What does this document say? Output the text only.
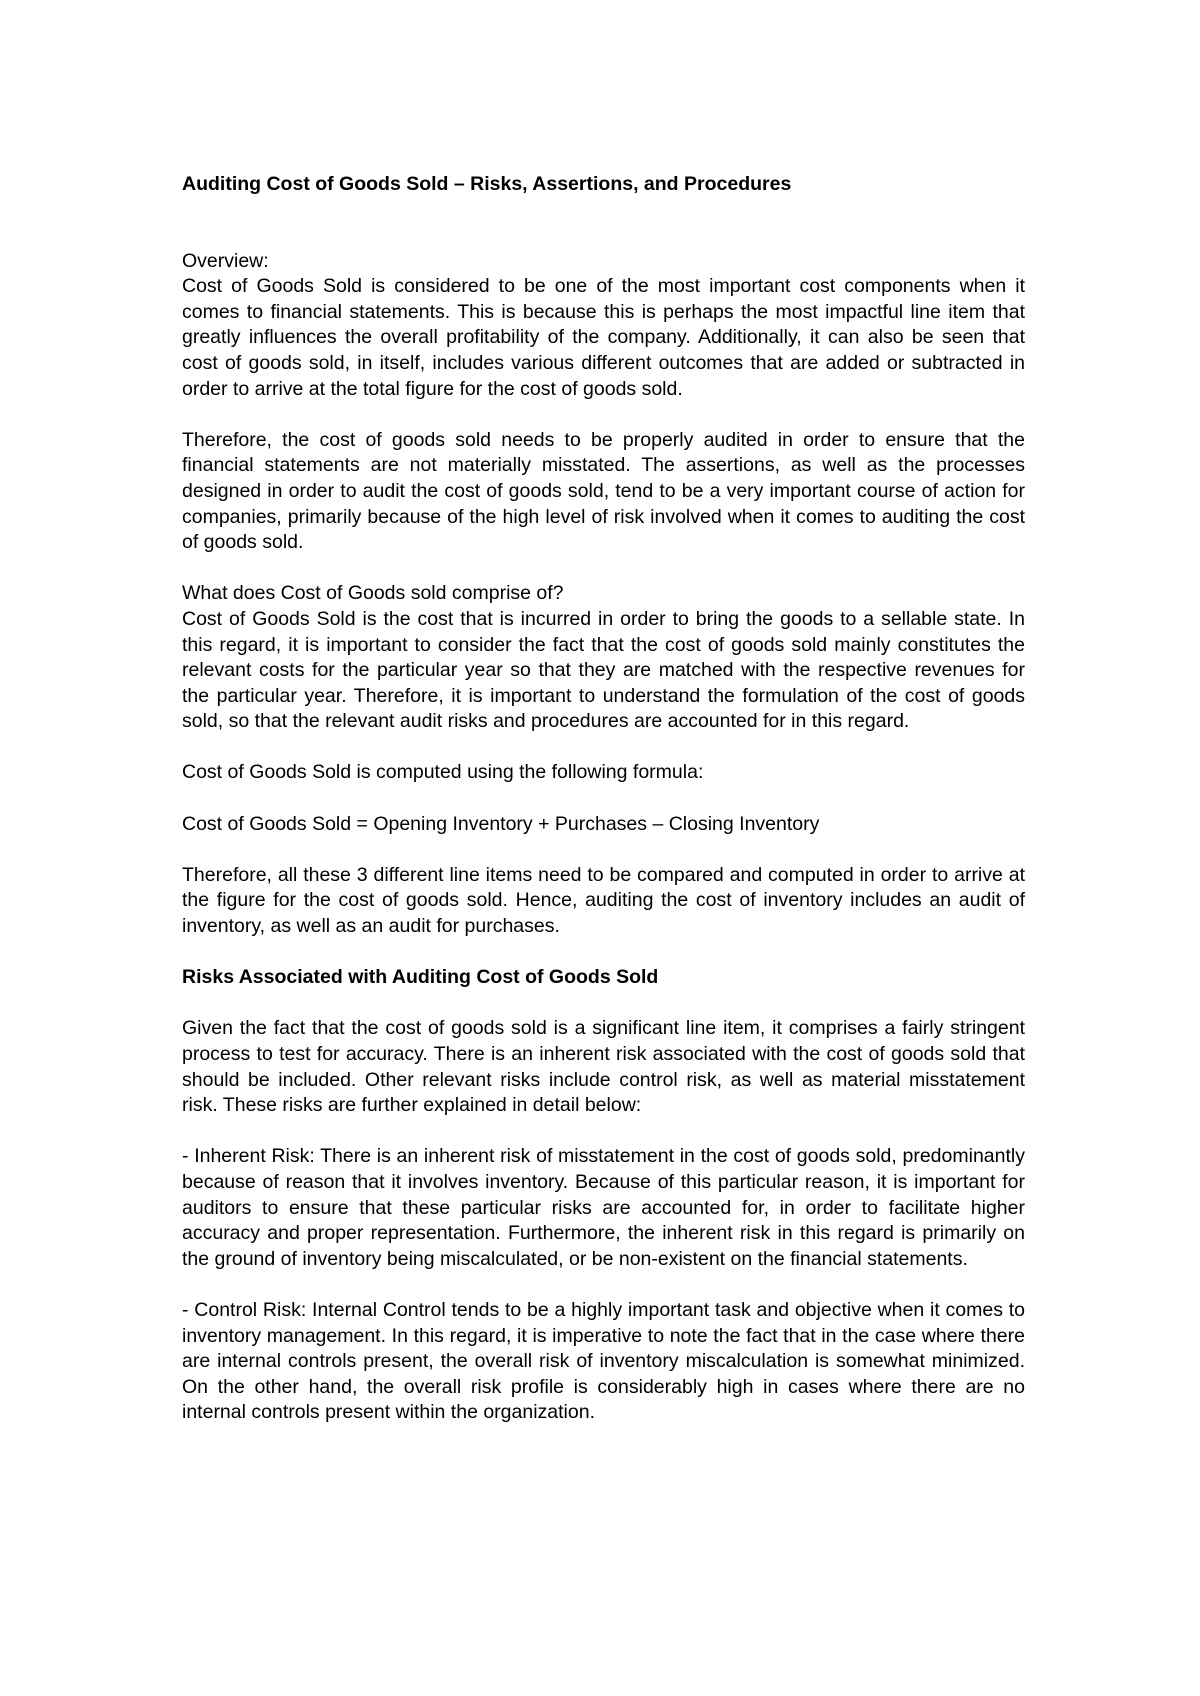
Auditing Cost of Goods Sold – Risks, Assertions, and Procedures

Overview:

Cost of Goods Sold is considered to be one of the most important cost components when it comes to financial statements. This is because this is perhaps the most impactful line item that greatly influences the overall profitability of the company. Additionally, it can also be seen that cost of goods sold, in itself, includes various different outcomes that are added or subtracted in order to arrive at the total figure for the cost of goods sold.

Therefore, the cost of goods sold needs to be properly audited in order to ensure that the financial statements are not materially misstated. The assertions, as well as the processes designed in order to audit the cost of goods sold, tend to be a very important course of action for companies, primarily because of the high level of risk involved when it comes to auditing the cost of goods sold.

What does Cost of Goods sold comprise of?

Cost of Goods Sold is the cost that is incurred in order to bring the goods to a sellable state. In this regard, it is important to consider the fact that the cost of goods sold mainly constitutes the relevant costs for the particular year so that they are matched with the respective revenues for the particular year. Therefore, it is important to understand the formulation of the cost of goods sold, so that the relevant audit risks and procedures are accounted for in this regard.

Cost of Goods Sold is computed using the following formula:

Cost of Goods Sold = Opening Inventory + Purchases – Closing Inventory

Therefore, all these 3 different line items need to be compared and computed in order to arrive at the figure for the cost of goods sold. Hence, auditing the cost of inventory includes an audit of inventory, as well as an audit for purchases.

Risks Associated with Auditing Cost of Goods Sold

Given the fact that the cost of goods sold is a significant line item, it comprises a fairly stringent process to test for accuracy. There is an inherent risk associated with the cost of goods sold that should be included. Other relevant risks include control risk, as well as material misstatement risk. These risks are further explained in detail below:

- Inherent Risk: There is an inherent risk of misstatement in the cost of goods sold, predominantly because of reason that it involves inventory. Because of this particular reason, it is important for auditors to ensure that these particular risks are accounted for, in order to facilitate higher accuracy and proper representation. Furthermore, the inherent risk in this regard is primarily on the ground of inventory being miscalculated, or be non-existent on the financial statements.

- Control Risk: Internal Control tends to be a highly important task and objective when it comes to inventory management. In this regard, it is imperative to note the fact that in the case where there are internal controls present, the overall risk of inventory miscalculation is somewhat minimized. On the other hand, the overall risk profile is considerably high in cases where there are no internal controls present within the organization.
